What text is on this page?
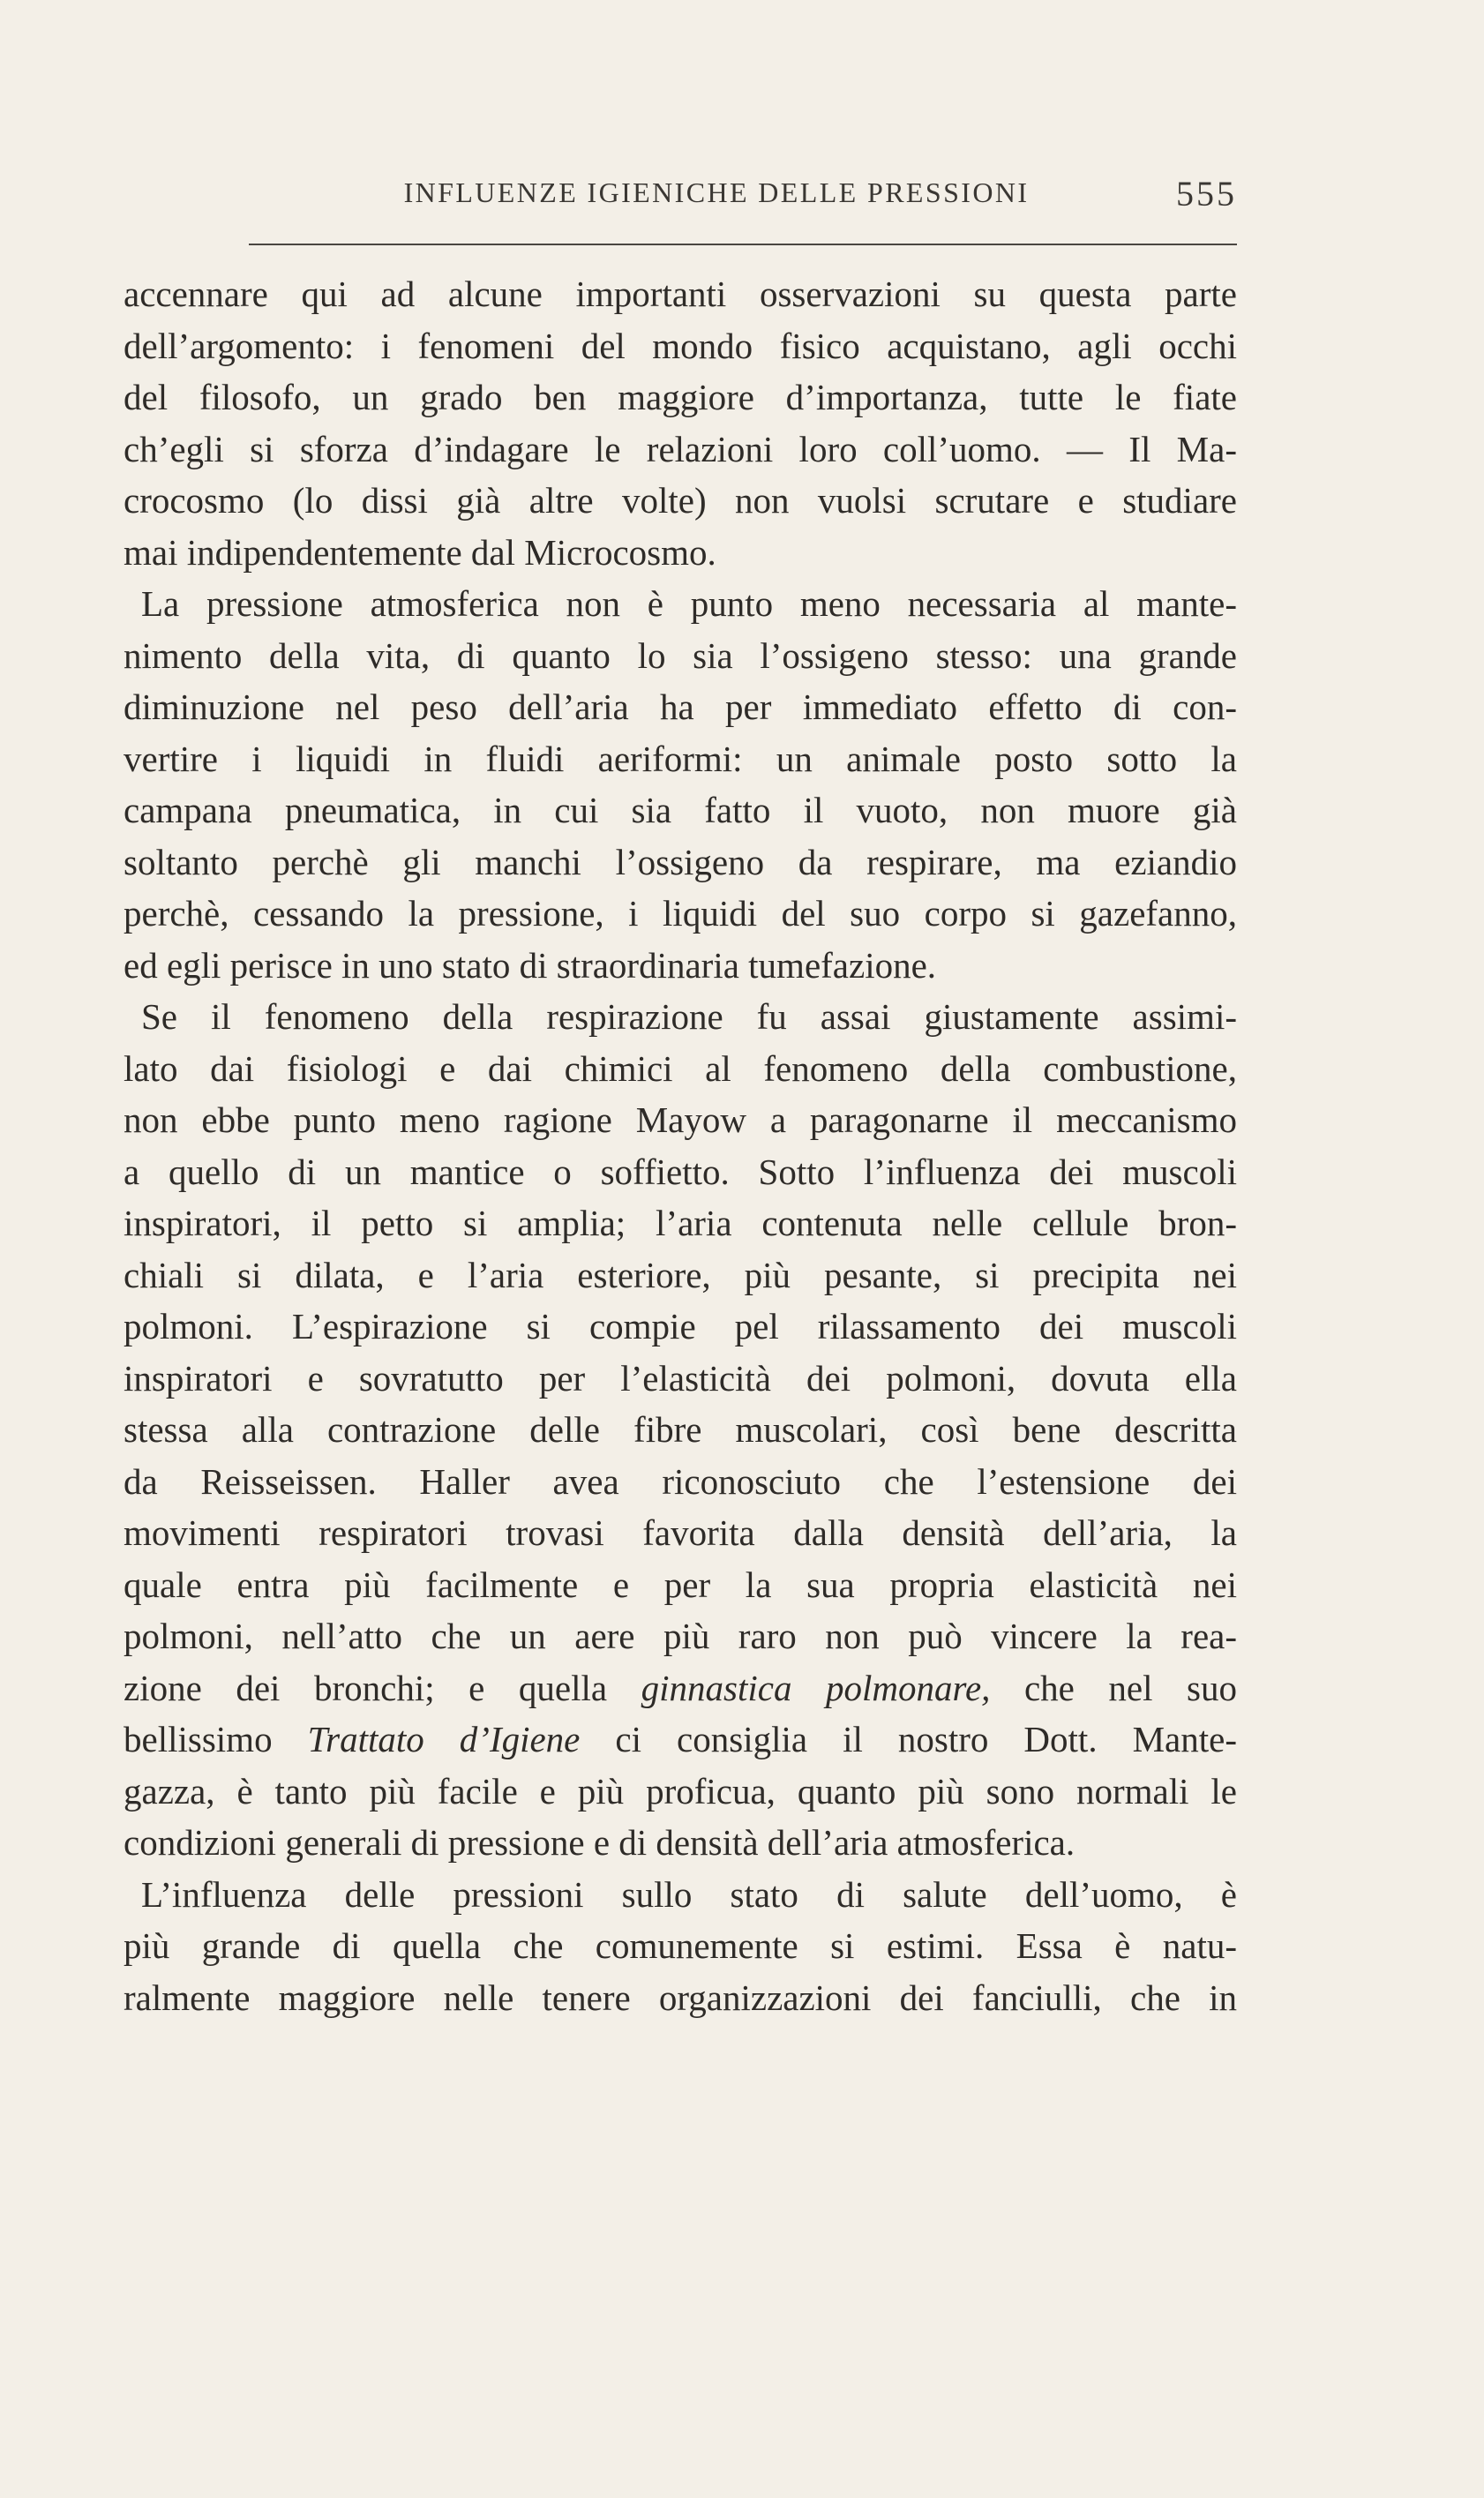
INFLUENZE IGIENICHE DELLE PRESSIONI	555
accennare qui ad alcune importanti osservazioni su questa parte
dell’argomento: i fenomeni del mondo fisico acquistano, agli occhi
del filosofo, un grado ben maggiore d’importanza, tutte le fiate
ch’egli si sforza d’indagare le relazioni loro coll’uomo. — Il Ma-
crocosmo (lo dissi già altre volte) non vuolsi scrutare e studiare
mai indipendentemente dal Microcosmo.
La pressione atmosferica non è punto meno necessaria al mante-
nimento della vita, di quanto lo sia l’ossigeno stesso: una grande
diminuzione nel peso dell’aria ha per immediato effetto di con-
vertire i liquidi in fluidi aeriformi: un animale posto sotto la
campana pneumatica, in cui sia fatto il vuoto, non muore già
soltanto perchè gli manchi l’ossigeno da respirare, ma eziandio
perchè, cessando la pressione, i liquidi del suo corpo si gazefanno,
ed egli perisce in uno stato di straordinaria tumefazione.
Se il fenomeno della respirazione fu assai giustamente assimi-
lato dai fisiologi e dai chimici al fenomeno della combustione,
non ebbe punto meno ragione Mayow a paragonarne il meccanismo
a quello di un mantice o soffietto. Sotto l’influenza dei muscoli
inspiratori, il petto si amplia; l’aria contenuta nelle cellule bron-
chiali si dilata, e l’aria esteriore, più pesante, si precipita nei
polmoni. L’espirazione si compie pel rilassamento dei muscoli
inspiratori e sovratutto per l’elasticità dei polmoni, dovuta ella
stessa alla contrazione delle fibre muscolari, così bene descritta
da Reisseissen. Haller avea riconosciuto che l’estensione dei
movimenti respiratori trovasi favorita dalla densità dell’aria, la
quale entra più facilmente e per la sua propria elasticità nei
polmoni, nell’atto che un aere più raro non può vincere la rea-
zione dei bronchi; e quella ginnastica polmonare, che nel suo
bellissimo Trattato d’Igiene ci consiglia il nostro Dott. Mante-
gazza, è tanto più facile e più proficua, quanto più sono normali le
condizioni generali di pressione e di densità dell’aria atmosferica.
L’influenza delle pressioni sullo stato di salute dell’uomo, è
più grande di quella che comunemente si estimi. Essa è natu-
ralmente maggiore nelle tenere organizzazioni dei fanciulli, che in
